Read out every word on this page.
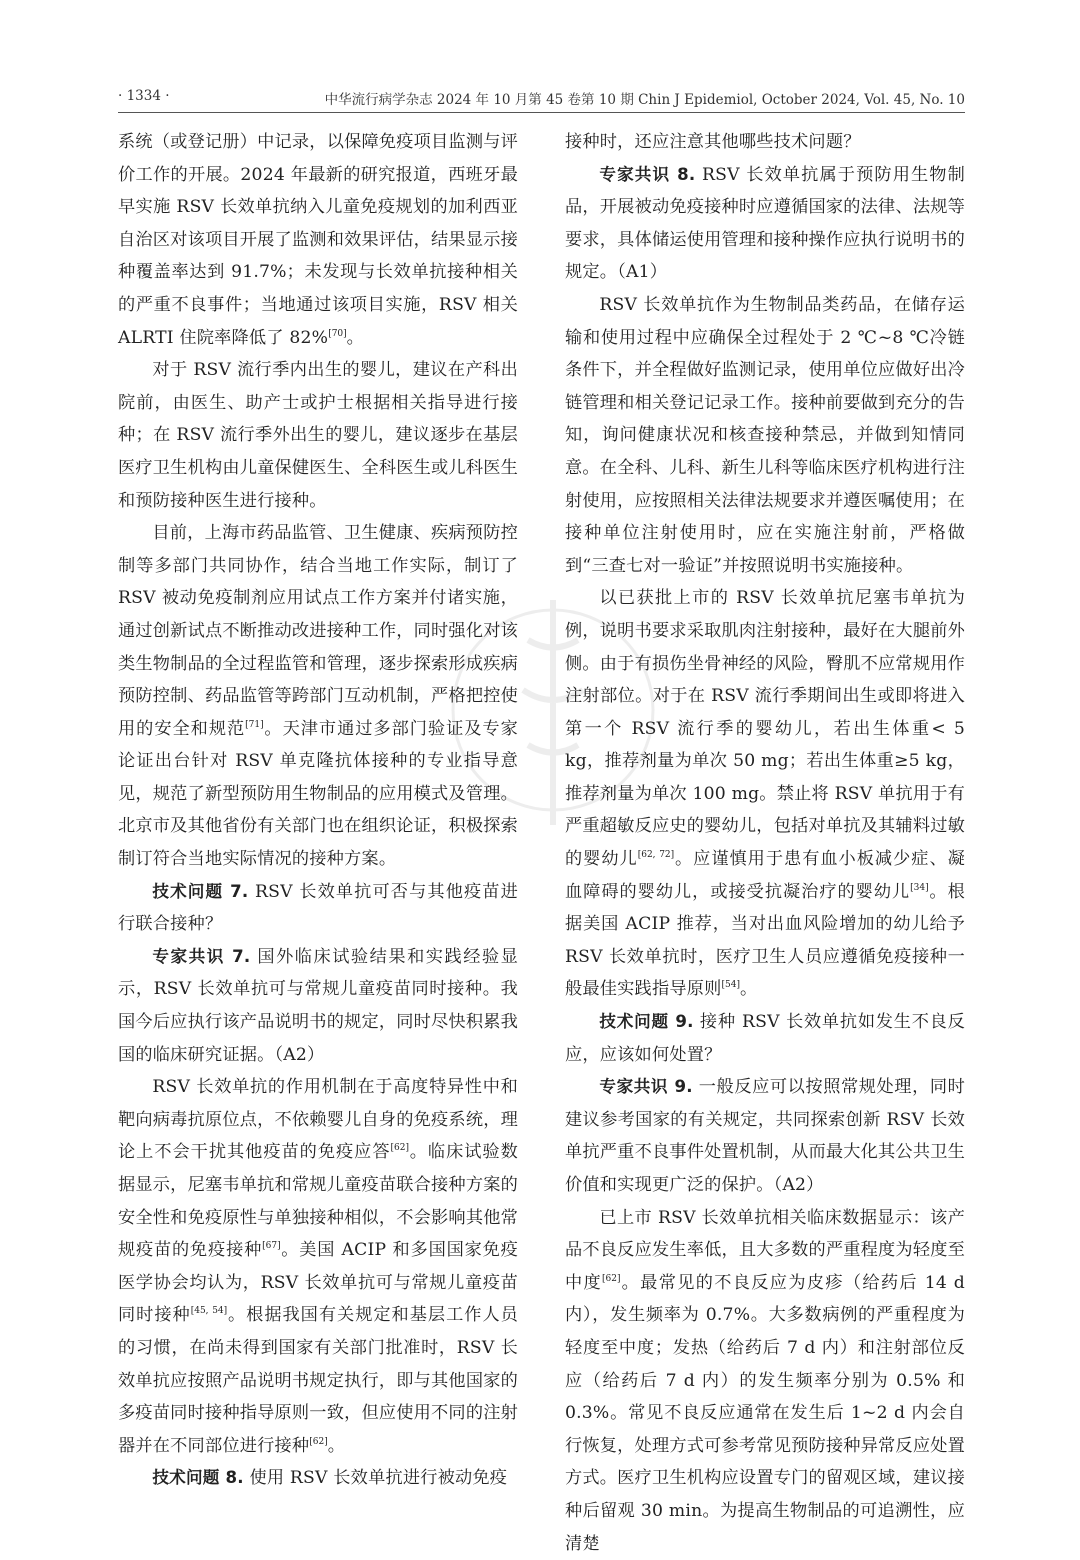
· 1334 ·	中华流行病学杂志 2024 年 10 月第 45 卷第 10 期 Chin J Epidemiol, October 2024, Vol. 45, No. 10

系统（或登记册）中记录，以保障免疫项目监测与评价工作的开展。2024 年最新的研究报道，西班牙最早实施 RSV 长效单抗纳入儿童免疫规划的加利西亚自治区对该项目开展了监测和效果评估，结果显示接种覆盖率达到 91.7%；未发现与长效单抗接种相关的严重不良事件；当地通过该项目实施，RSV 相关 ALRTI 住院率降低了 82%[70]。

对于 RSV 流行季内出生的婴儿，建议在产科出院前，由医生、助产士或护士根据相关指导进行接种；在 RSV 流行季外出生的婴儿，建议逐步在基层医疗卫生机构由儿童保健医生、全科医生或儿科医生和预防接种医生进行接种。

目前，上海市药品监管、卫生健康、疾病预防控制等多部门共同协作，结合当地工作实际，制订了 RSV 被动免疫制剂应用试点工作方案并付诸实施，通过创新试点不断推动改进接种工作，同时强化对该类生物制品的全过程监管和管理，逐步探索形成疾病预防控制、药品监管等跨部门互动机制，严格把控使用的安全和规范[71]。天津市通过多部门验证及专家论证出台针对 RSV 单克隆抗体接种的专业指导意见，规范了新型预防用生物制品的应用模式及管理。北京市及其他省份有关部门也在组织论证，积极探索制订符合当地实际情况的接种方案。

技术问题 7. RSV 长效单抗可否与其他疫苗进行联合接种？

专家共识 7. 国外临床试验结果和实践经验显示，RSV 长效单抗可与常规儿童疫苗同时接种。我国今后应执行该产品说明书的规定，同时尽快积累我国的临床研究证据。（A2）

RSV 长效单抗的作用机制在于高度特异性中和靶向病毒抗原位点，不依赖婴儿自身的免疫系统，理论上不会干扰其他疫苗的免疫应答[62]。临床试验数据显示，尼塞韦单抗和常规儿童疫苗联合接种方案的安全性和免疫原性与单独接种相似，不会影响其他常规疫苗的免疫接种[67]。美国 ACIP 和多国国家免疫医学协会均认为，RSV 长效单抗可与常规儿童疫苗同时接种[45, 54]。根据我国有关规定和基层工作人员的习惯，在尚未得到国家有关部门批准时，RSV 长效单抗应按照产品说明书规定执行，即与其他国家的多疫苗同时接种指导原则一致，但应使用不同的注射器并在不同部位进行接种[62]。

技术问题 8. 使用 RSV 长效单抗进行被动免疫

接种时，还应注意其他哪些技术问题？

专家共识 8. RSV 长效单抗属于预防用生物制品，开展被动免疫接种时应遵循国家的法律、法规等要求，具体储运使用管理和接种操作应执行说明书的规定。（A1）

RSV 长效单抗作为生物制品类药品，在储存运输和使用过程中应确保全过程处于 2 ℃~8 ℃冷链条件下，并全程做好监测记录，使用单位应做好出冷链管理和相关登记记录工作。接种前要做到充分的告知，询问健康状况和核查接种禁忌，并做到知情同意。在全科、儿科、新生儿科等临床医疗机构进行注射使用，应按照相关法律法规要求并遵医嘱使用；在接种单位注射使用时，应在实施注射前，严格做到“三查七对一验证”并按照说明书实施接种。

以已获批上市的 RSV 长效单抗尼塞韦单抗为例，说明书要求采取肌肉注射接种，最好在大腿前外侧。由于有损伤坐骨神经的风险，臀肌不应常规用作注射部位。对于在 RSV 流行季期间出生或即将进入第一个 RSV 流行季的婴幼儿，若出生体重< 5 kg，推荐剂量为单次 50 mg；若出生体重≥5 kg，推荐剂量为单次 100 mg。禁止将 RSV 单抗用于有严重超敏反应史的婴幼儿，包括对单抗及其辅料过敏的婴幼儿[62, 72]。应谨慎用于患有血小板减少症、凝血障碍的婴幼儿，或接受抗凝治疗的婴幼儿[34]。根据美国 ACIP 推荐，当对出血风险增加的幼儿给予 RSV 长效单抗时，医疗卫生人员应遵循免疫接种一般最佳实践指导原则[54]。

技术问题 9. 接种 RSV 长效单抗如发生不良反应，应该如何处置？

专家共识 9. 一般反应可以按照常规处理，同时建议参考国家的有关规定，共同探索创新 RSV 长效单抗严重不良事件处置机制，从而最大化其公共卫生价值和实现更广泛的保护。（A2）

已上市 RSV 长效单抗相关临床数据显示：该产品不良反应发生率低，且大多数的严重程度为轻度至中度[62]。最常见的不良反应为皮疹（给药后 14 d 内），发生频率为 0.7%。大多数病例的严重程度为轻度至中度；发热（给药后 7 d 内）和注射部位反应（给药后 7 d 内）的发生频率分别为 0.5% 和 0.3%。常见不良反应通常在发生后 1~2 d 内会自行恢复，处理方式可参考常见预防接种异常反应处置方式。医疗卫生机构应设置专门的留观区域，建议接种后留观 30 min。为提高生物制品的可追溯性，应清楚
